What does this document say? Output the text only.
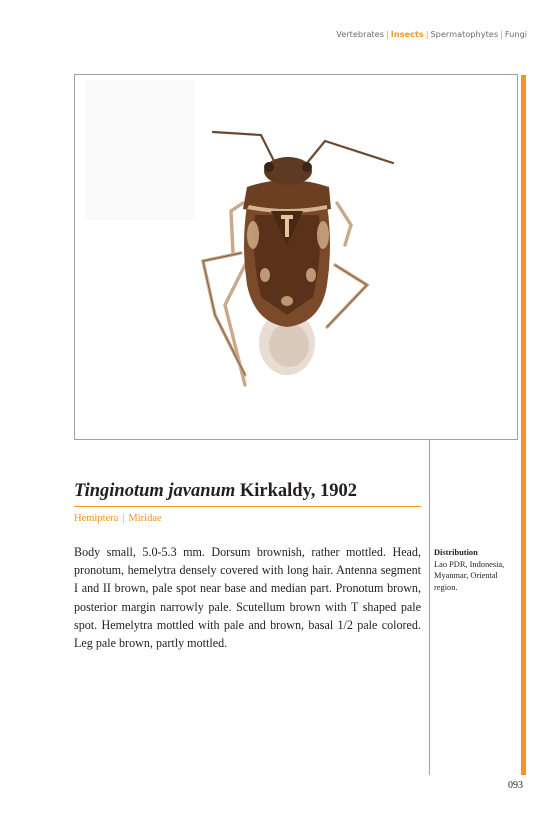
Vertebrates | Insects | Spermatophytes | Fungi
Tinginotum javanum Kirkaldy, 1902
Hemiptera | Miridae
Body small, 5.0-5.3 mm. Dorsum brownish, rather mottled. Head, pronotum, hemelytra densely covered with long hair. Antenna segment I and II brown, pale spot near base and median part. Pronotum brown, posterior margin narrowly pale. Scutellum brown with T shaped pale spot. Hemelytra mottled with pale and brown, basal 1/2 pale colored. Leg pale brown, partly mottled.
Distribution
Lao PDR, Indonesia, Myanmar, Oriental region.
093
